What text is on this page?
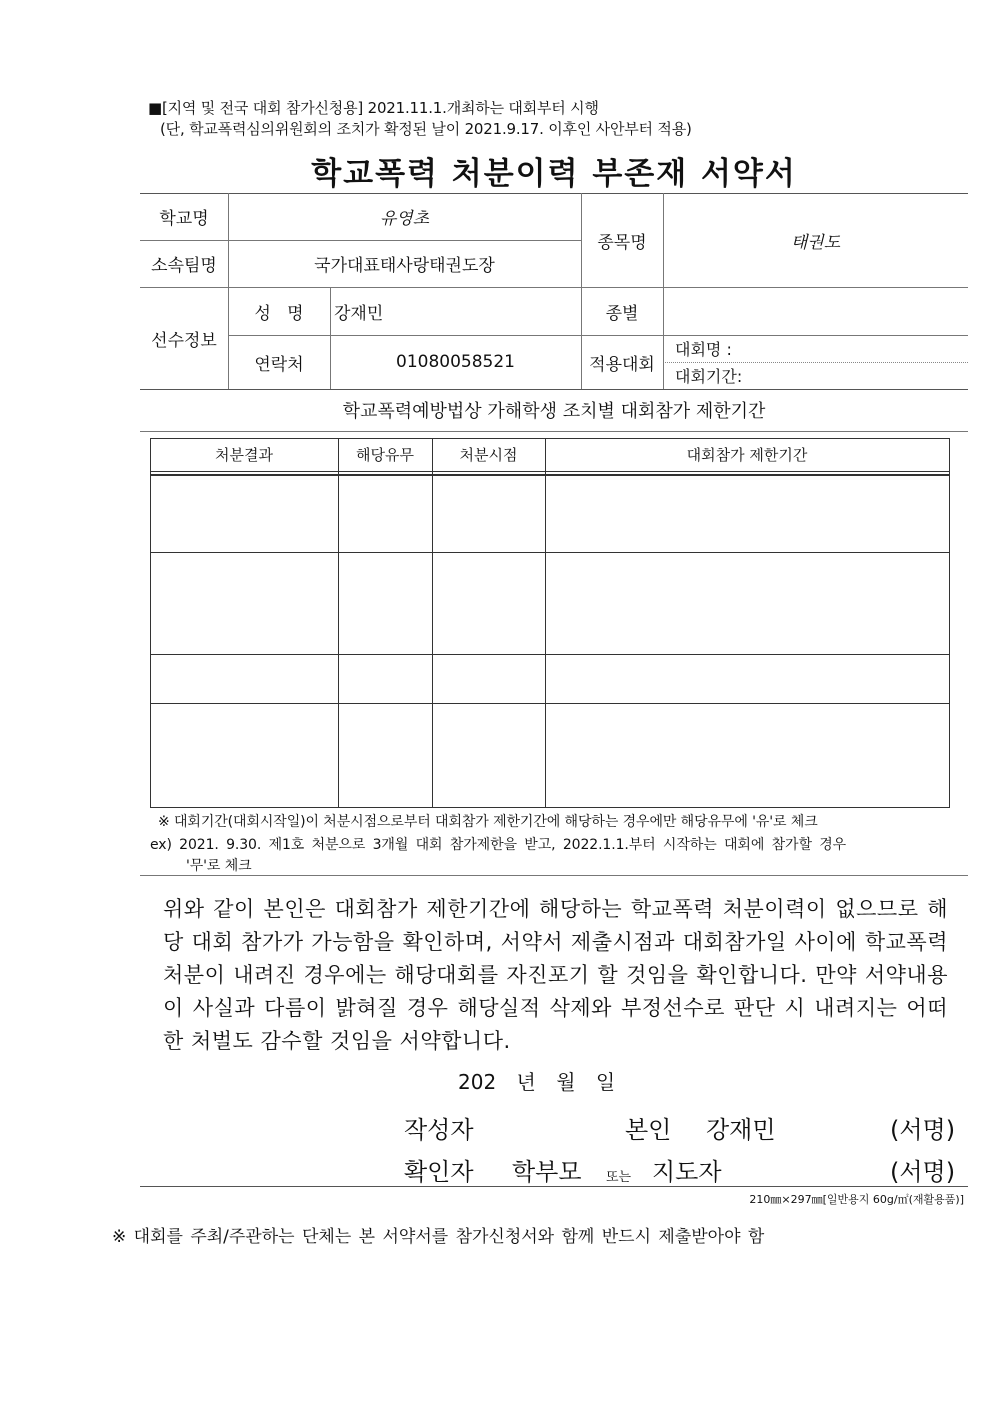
■[지역 및 전국 대회 참가신청용] 2021.11.1.개최하는 대회부터 시행
(단, 학교폭력심의위원회의 조치가 확정된 날이 2021.9.17. 이후인 사안부터 적용)
학교폭력 처분이력 부존재 서약서
학교명	유영초
소속팀명	국가대표태사랑태권도장
종목명	태권도
선수정보
성   명	강재민	종별
연락처	01080058521	적용대회
대회명 :
대회기간:
학교폭력예방법상 가해학생 조치별 대회참가 제한기간
처분결과	해당유무	처분시점	대회참가 제한기간
※ 대회기간(대회시작일)이 처분시점으로부터 대회참가 제한기간에 해당하는 경우에만 해당유무에 '유'로 체크
ex) 2021. 9.30. 제1호 처분으로 3개월 대회 참가제한을 받고, 2022.1.1.부터 시작하는 대회에 참가할 경우
'무'로 체크
위와 같이 본인은 대회참가 제한기간에 해당하는 학교폭력 처분이력이 없으므로 해당 대회 참가가 가능함을 확인하며, 서약서 제출시점과 대회참가일 사이에 학교폭력 처분이 내려진 경우에는 해당대회를 자진포기 할 것임을 확인합니다. 만약 서약내용이 사실과 다름이 밝혀질 경우 해당실적 삭제와 부정선수로 판단 시 내려지는 어떠한 처벌도 감수할 것임을 서약합니다.
202 년 월 일
작성자	본인 강재민	(서명)
확인자 학부모 또는 지도자	(서명)
210㎜×297㎜[일반용지 60g/㎡(재활용품)]
※ 대회를 주최/주관하는 단체는 본 서약서를 참가신청서와 함께 반드시 제출받아야 함
